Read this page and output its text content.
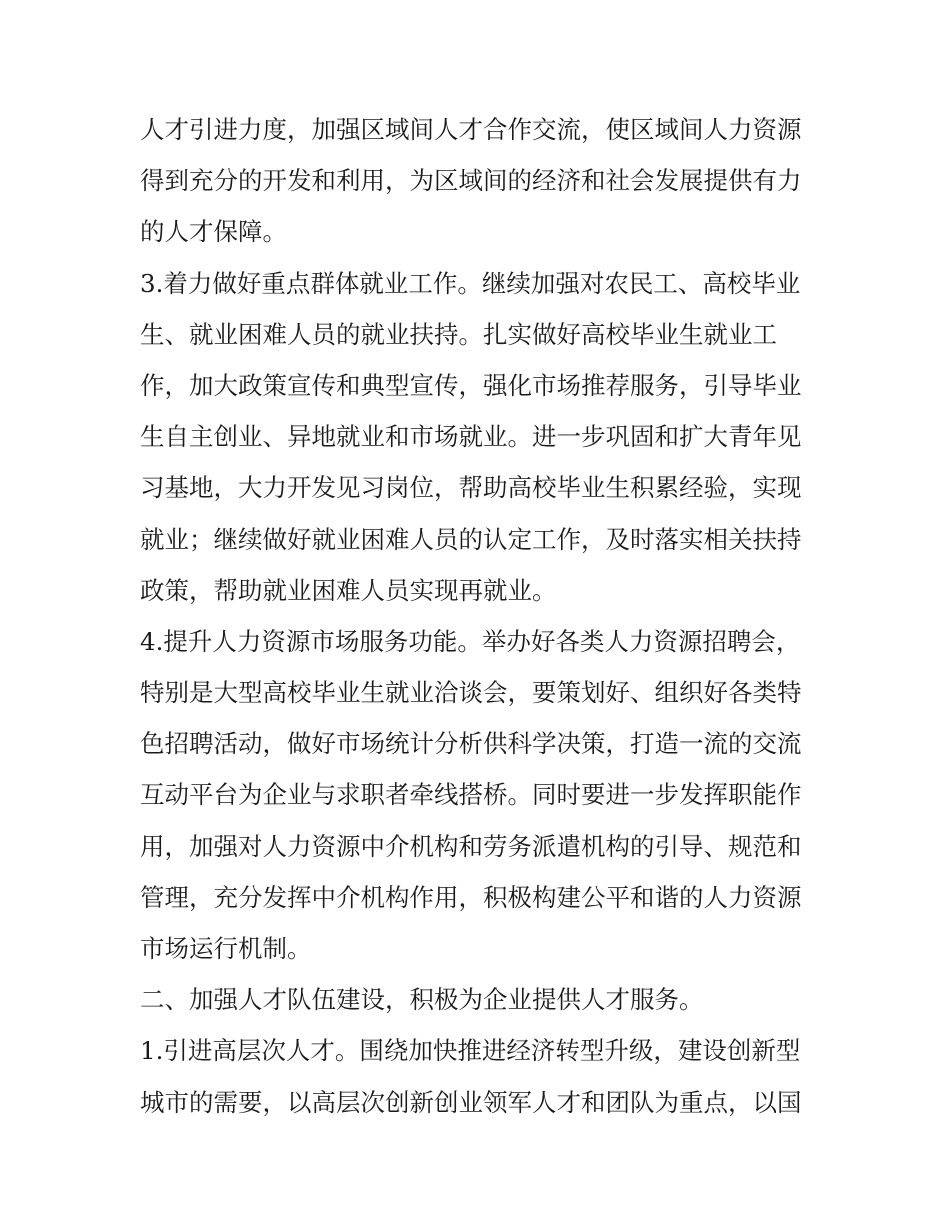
人才引进力度，加强区域间人才合作交流，使区域间人力资源
得到充分的开发和利用，为区域间的经济和社会发展提供有力
的人才保障。
3.着力做好重点群体就业工作。继续加强对农民工、高校毕业
生、就业困难人员的就业扶持。扎实做好高校毕业生就业工
作，加大政策宣传和典型宣传，强化市场推荐服务，引导毕业
生自主创业、异地就业和市场就业。进一步巩固和扩大青年见
习基地，大力开发见习岗位，帮助高校毕业生积累经验，实现
就业；继续做好就业困难人员的认定工作，及时落实相关扶持
政策，帮助就业困难人员实现再就业。
4.提升人力资源市场服务功能。举办好各类人力资源招聘会，
特别是大型高校毕业生就业洽谈会，要策划好、组织好各类特
色招聘活动，做好市场统计分析供科学决策，打造一流的交流
互动平台为企业与求职者牵线搭桥。同时要进一步发挥职能作
用，加强对人力资源中介机构和劳务派遣机构的引导、规范和
管理，充分发挥中介机构作用，积极构建公平和谐的人力资源
市场运行机制。
二、加强人才队伍建设，积极为企业提供人才服务。
1.引进高层次人才。围绕加快推进经济转型升级，建设创新型
城市的需要，以高层次创新创业领军人才和团队为重点，以国
